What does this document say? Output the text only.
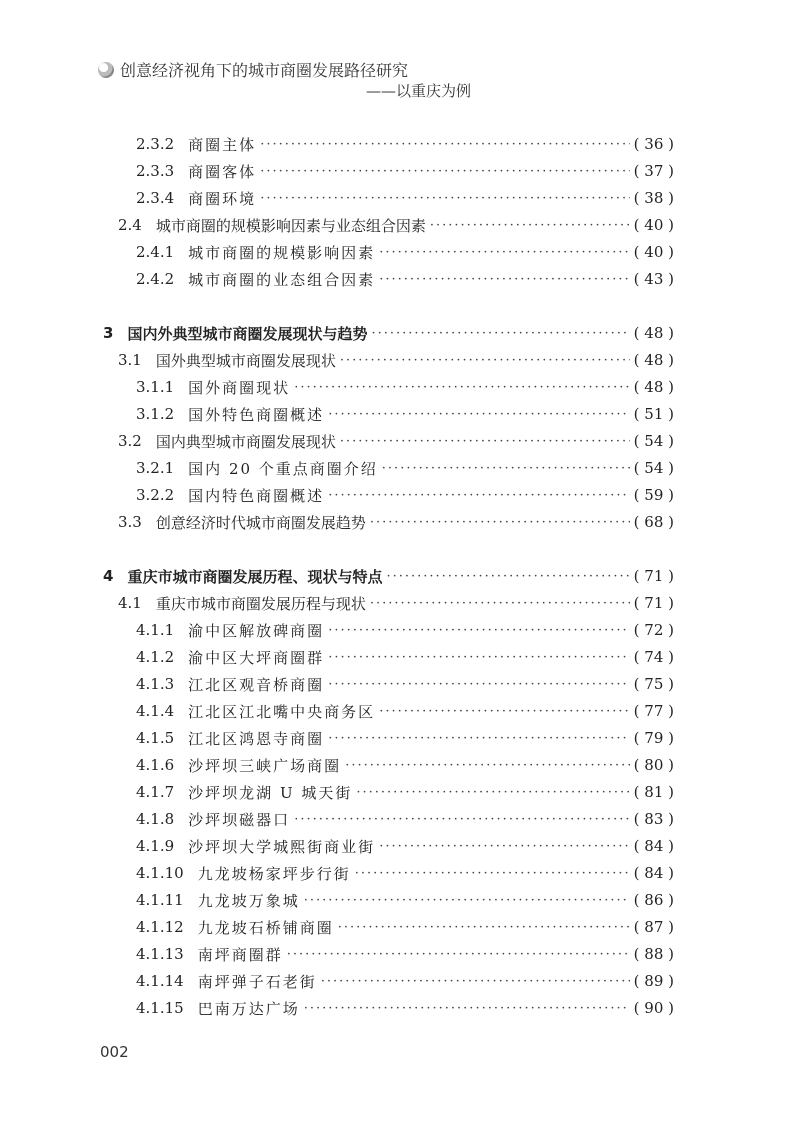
创意经济视角下的城市商圈发展路径研究
——以重庆为例
2.3.2 商圈主体 ·····	( 36 )
2.3.3 商圈客体 ·····	( 37 )
2.3.4 商圈环境 ·····	( 38 )
2.4 城市商圈的规模影响因素与业态组合因素 ·····	( 40 )
2.4.1 城市商圈的规模影响因素 ·····	( 40 )
2.4.2 城市商圈的业态组合因素 ·····	( 43 )
3 国内外典型城市商圈发展现状与趋势 ·····	( 48 )
3.1 国外典型城市商圈发展现状 ·····	( 48 )
3.1.1 国外商圈现状 ·····	( 48 )
3.1.2 国外特色商圈概述 ·····	( 51 )
3.2 国内典型城市商圈发展现状 ·····	( 54 )
3.2.1 国内 20 个重点商圈介绍 ·····	( 54 )
3.2.2 国内特色商圈概述 ·····	( 59 )
3.3 创意经济时代城市商圈发展趋势 ·····	( 68 )
4 重庆市城市商圈发展历程、现状与特点 ·····	( 71 )
4.1 重庆市城市商圈发展历程与现状 ·····	( 71 )
4.1.1 渝中区解放碑商圈 ·····	( 72 )
4.1.2 渝中区大坪商圈群 ·····	( 74 )
4.1.3 江北区观音桥商圈 ·····	( 75 )
4.1.4 江北区江北嘴中央商务区 ·····	( 77 )
4.1.5 江北区鸿恩寺商圈 ·····	( 79 )
4.1.6 沙坪坝三峡广场商圈 ·····	( 80 )
4.1.7 沙坪坝龙湖 U 城天街 ·····	( 81 )
4.1.8 沙坪坝磁器口 ·····	( 83 )
4.1.9 沙坪坝大学城熙街商业街 ·····	( 84 )
4.1.10 九龙坡杨家坪步行街 ·····	( 84 )
4.1.11 九龙坡万象城 ·····	( 86 )
4.1.12 九龙坡石桥铺商圈 ·····	( 87 )
4.1.13 南坪商圈群 ·····	( 88 )
4.1.14 南坪弹子石老街 ·····	( 89 )
4.1.15 巴南万达广场 ·····	( 90 )
002
